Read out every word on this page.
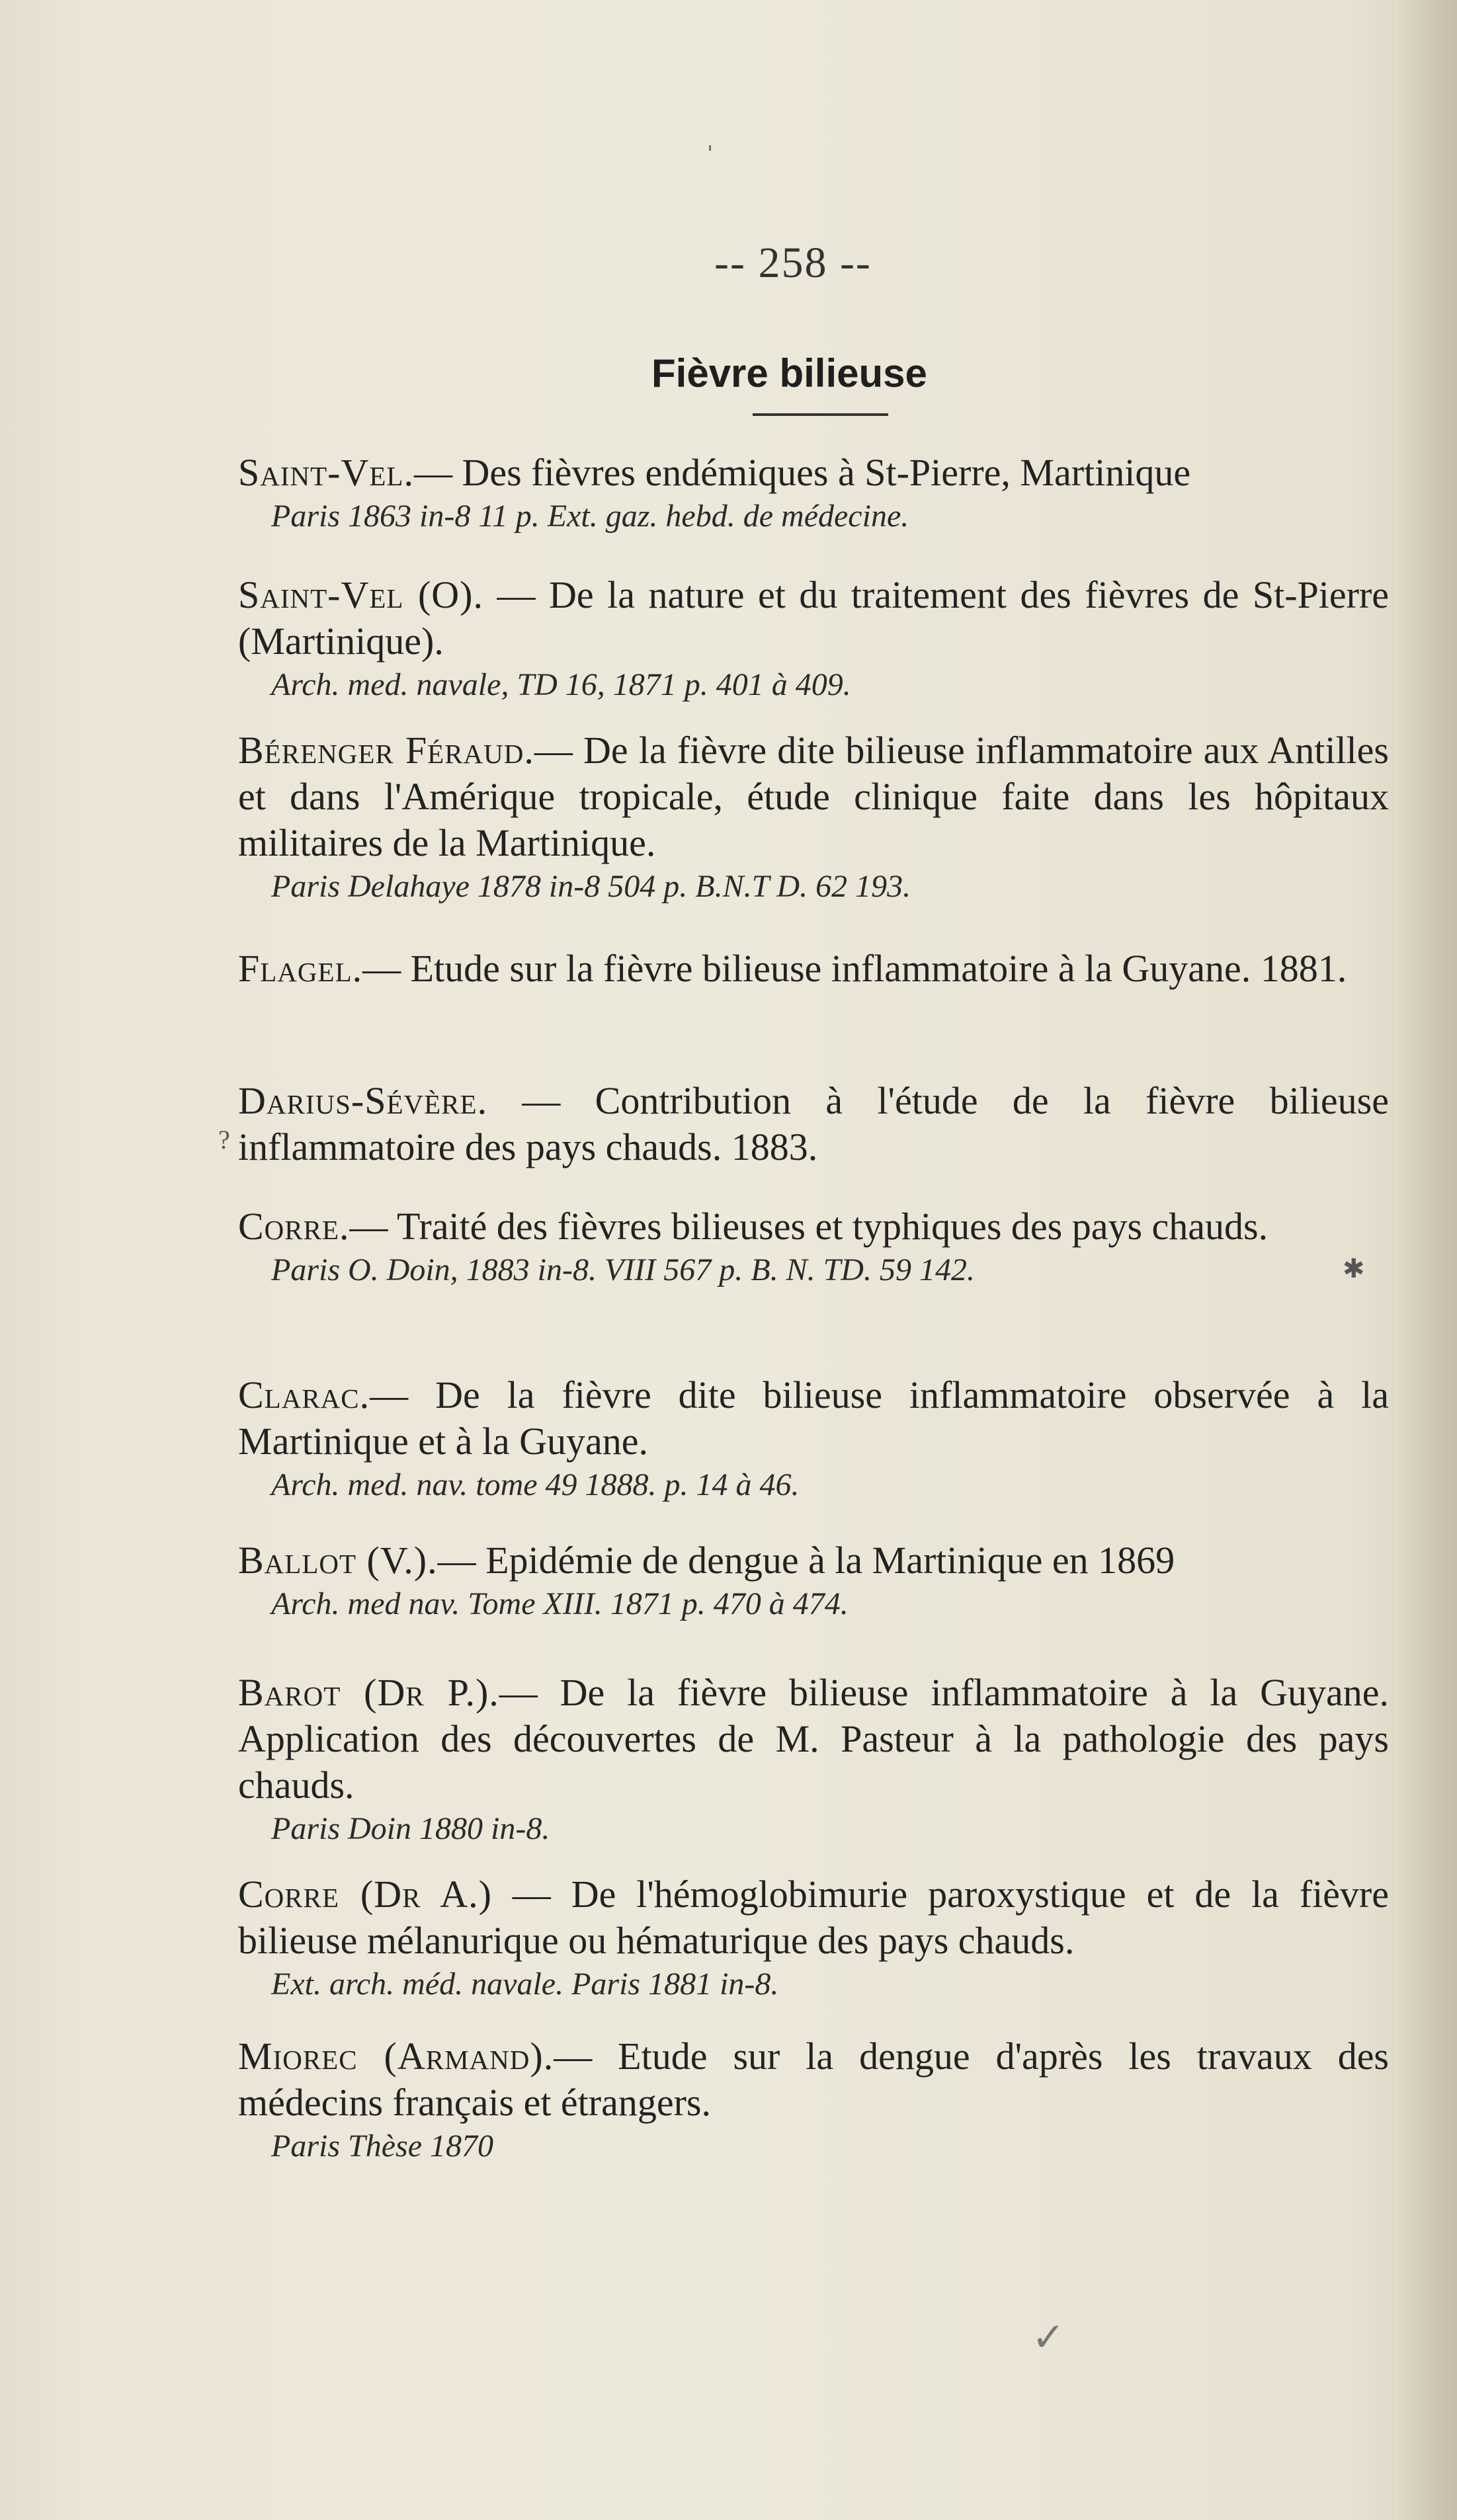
-- 258 --
Fièvre bilieuse
Saint-Vel.— Des fièvres endémiques à St-Pierre, Martinique
Paris 1863 in-8 11 p. Ext. gaz. hebd. de médecine.
Saint-Vel (O). — De la nature et du traitement des fièvres de St-Pierre (Martinique).
Arch. med. navale, TD 16, 1871 p. 401 à 409.
Bérenger Féraud.— De la fièvre dite bilieuse inflammatoire aux Antilles et dans l'Amérique tropicale, étude clinique faite dans les hôpitaux militaires de la Martinique.
Paris Delahaye 1878 in-8 504 p. B.N.T D. 62 193.
Flagel.— Etude sur la fièvre bilieuse inflammatoire à la Guyane. 1881.
Darius-Sévère. — Contribution à l'étude de la fièvre bilieuse inflammatoire des pays chauds. 1883.
?
Corre.— Traité des fièvres bilieuses et typhiques des pays chauds.
Paris O. Doin, 1883 in-8. VIII 567 p. B. N. TD. 59 142.	✱
Clarac.— De la fièvre dite bilieuse inflammatoire observée à la Martinique et à la Guyane.
Arch. med. nav. tome 49 1888. p. 14 à 46.
Ballot (V.).— Epidémie de dengue à la Martinique en 1869
Arch. med nav. Tome XIII. 1871 p. 470 à 474.
Barot (Dr P.).— De la fièvre bilieuse inflammatoire à la Guyane. Application des découvertes de M. Pasteur à la pathologie des pays chauds.
Paris Doin 1880 in-8.
Corre (Dr A.) — De l'hémoglobimurie paroxystique et de la fièvre bilieuse mélanurique ou hématurique des pays chauds.
Ext. arch. méd. navale. Paris 1881 in-8.
Miorec (Armand).— Etude sur la dengue d'après les travaux des médecins français et étrangers.
Paris Thèse 1870
ˈ
✓
